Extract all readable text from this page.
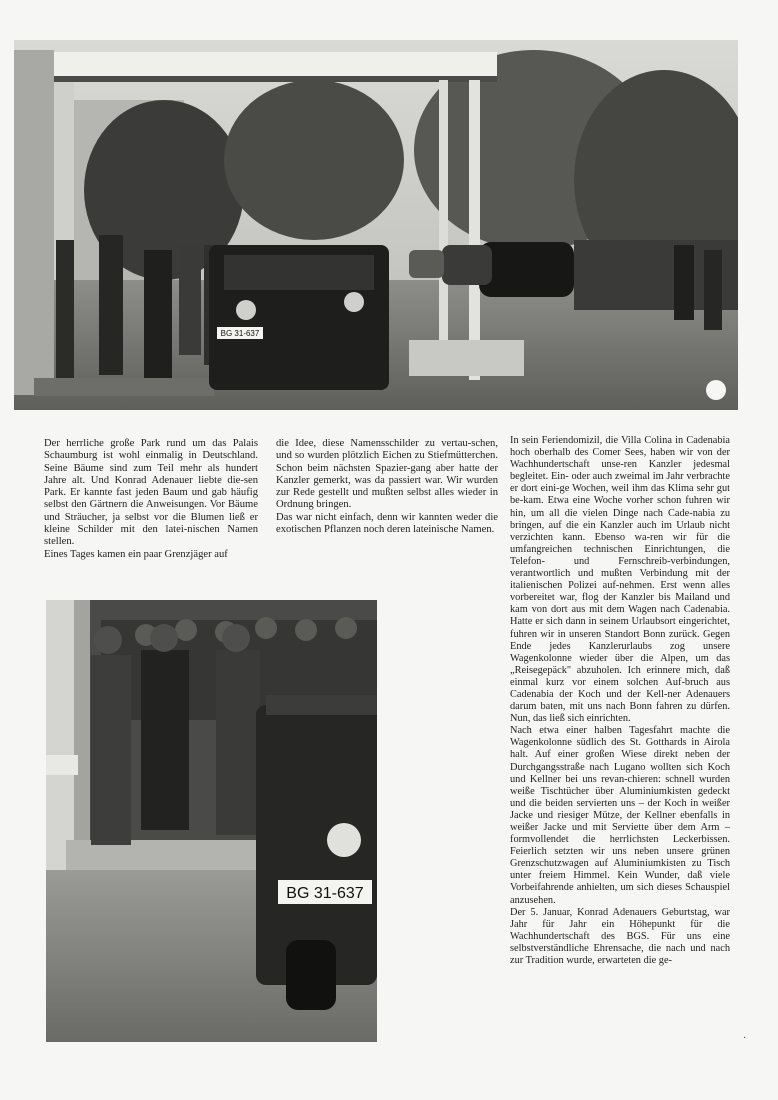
BG 31-637

Der herrliche große Park rund um das Palais Schaumburg ist wohl einmalig in Deutschland. Seine Bäume sind zum Teil mehr als hundert Jahre alt. Und Konrad Adenauer liebte die-sen Park. Er kannte fast jeden Baum und gab häufig selbst den Gärtnern die Anweisungen. Vor Bäume und Sträucher, ja selbst vor die Blumen ließ er kleine Schilder mit den latei-nischen Namen stellen.

Eines Tages kamen ein paar Grenzjäger auf

die Idee, diese Namensschilder zu vertau-schen, und so wurden plötzlich Eichen zu Stiefmütterchen. Schon beim nächsten Spazier-gang aber hatte der Kanzler gemerkt, was da passiert war. Wir wurden zur Rede gestellt und mußten selbst alles wieder in Ordnung bringen.

Das war nicht einfach, denn wir kannten weder die exotischen Pflanzen noch deren lateinische Namen.

In sein Feriendomizil, die Villa Colina in Cadenabia hoch oberhalb des Comer Sees, haben wir von der Wachhundertschaft unse-ren Kanzler jedesmal begleitet. Ein- oder auch zweimal im Jahr verbrachte er dort eini-ge Wochen, weil ihm das Klima sehr gut be-kam. Etwa eine Woche vorher schon fuhren wir hin, um all die vielen Dinge nach Cade-nabia zu bringen, auf die ein Kanzler auch im Urlaub nicht verzichten kann. Ebenso wa-ren wir für die umfangreichen technischen Einrichtungen, die Telefon- und Fernschreib-verbindungen, verantwortlich und mußten Verbindung mit der italienischen Polizei auf-nehmen. Erst wenn alles vorbereitet war, flog der Kanzler bis Mailand und kam von dort aus mit dem Wagen nach Cadenabia. Hatte er sich dann in seinem Urlaubsort eingerichtet, fuhren wir in unseren Standort Bonn zurück. Gegen Ende jedes Kanzlerurlaubs zog unsere Wagenkolonne wieder über die Alpen, um das „Reisegepäck" abzuholen. Ich erinnere mich, daß einmal kurz vor einem solchen Auf-bruch aus Cadenabia der Koch und der Kell-ner Adenauers darum baten, mit uns nach Bonn fahren zu dürfen. Nun, das ließ sich einrichten.

Nach etwa einer halben Tagesfahrt machte die Wagenkolonne südlich des St. Gotthards in Airola halt. Auf einer großen Wiese direkt neben der Durchgangsstraße nach Lugano wollten sich Koch und Kellner bei uns revan-chieren: schnell wurden weiße Tischtücher über Aluminiumkisten gedeckt und die beiden servierten uns – der Koch in weißer Jacke und riesiger Mütze, der Kellner ebenfalls in weißer Jacke und mit Serviette über dem Arm – formvollendet die herrlichsten Leckerbissen. Feierlich setzten wir uns neben unsere grünen Grenzschutzwagen auf Aluminiumkisten zu Tisch unter freiem Himmel. Kein Wunder, daß viele Vorbeifahrende anhielten, um sich dieses Schauspiel anzusehen.

Der 5. Januar, Konrad Adenauers Geburtstag, war Jahr für Jahr ein Höhepunkt für die Wachhundertschaft des BGS. Für uns eine selbstverständliche Ehrensache, die nach und nach zur Tradition wurde, erwarteten die ge-

BG 31-637
·
